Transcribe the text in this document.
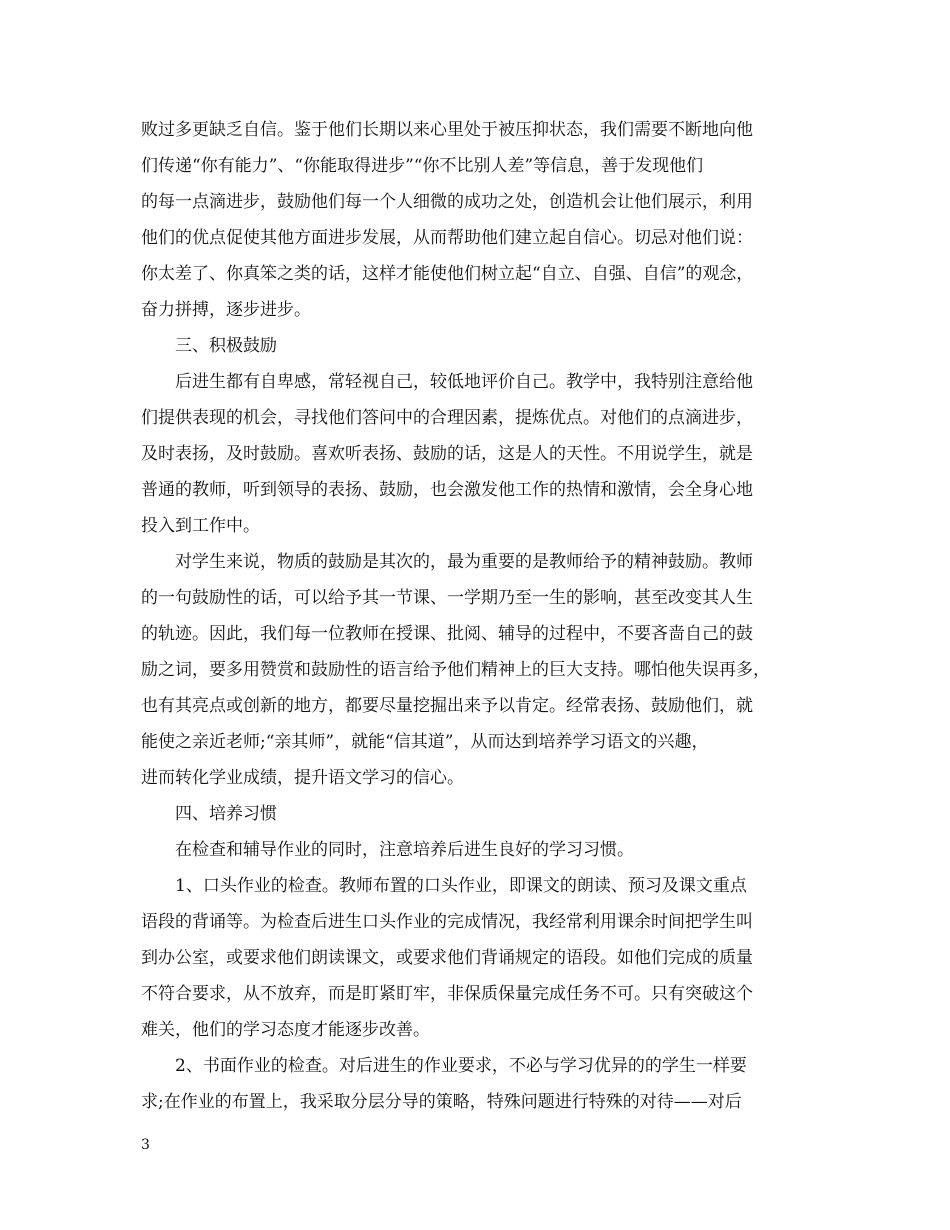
败过多更缺乏自信。鉴于他们长期以来心里处于被压抑状态，我们需要不断地向他
们传递“你有能力”、“你能取得进步”“你不比别人差”等信息，善于发现他们
的每一点滴进步，鼓励他们每一个人细微的成功之处，创造机会让他们展示，利用
他们的优点促使其他方面进步发展，从而帮助他们建立起自信心。切忌对他们说：
你太差了、你真笨之类的话，这样才能使他们树立起“自立、自强、自信”的观念，
奋力拼搏，逐步进步。
三、积极鼓励
后进生都有自卑感，常轻视自己，较低地评价自己。教学中，我特别注意给他
们提供表现的机会，寻找他们答问中的合理因素，提炼优点。对他们的点滴进步，
及时表扬，及时鼓励。喜欢听表扬、鼓励的话，这是人的天性。不用说学生，就是
普通的教师，听到领导的表扬、鼓励，也会激发他工作的热情和激情，会全身心地
投入到工作中。
对学生来说，物质的鼓励是其次的，最为重要的是教师给予的精神鼓励。教师
的一句鼓励性的话，可以给予其一节课、一学期乃至一生的影响，甚至改变其人生
的轨迹。因此，我们每一位教师在授课、批阅、辅导的过程中，不要吝啬自己的鼓
励之词，要多用赞赏和鼓励性的语言给予他们精神上的巨大支持。哪怕他失误再多，
也有其亮点或创新的地方，都要尽量挖掘出来予以肯定。经常表扬、鼓励他们，就
能使之亲近老师;“亲其师”，就能“信其道”，从而达到培养学习语文的兴趣，
进而转化学业成绩，提升语文学习的信心。
四、培养习惯
在检查和辅导作业的同时，注意培养后进生良好的学习习惯。
1、口头作业的检查。教师布置的口头作业，即课文的朗读、预习及课文重点
语段的背诵等。为检查后进生口头作业的完成情况，我经常利用课余时间把学生叫
到办公室，或要求他们朗读课文，或要求他们背诵规定的语段。如他们完成的质量
不符合要求，从不放弃，而是盯紧盯牢，非保质保量完成任务不可。只有突破这个
难关，他们的学习态度才能逐步改善。
2、书面作业的检查。对后进生的作业要求，不必与学习优异的的学生一样要
求;在作业的布置上，我采取分层分导的策略，特殊问题进行特殊的对待——对后
3
